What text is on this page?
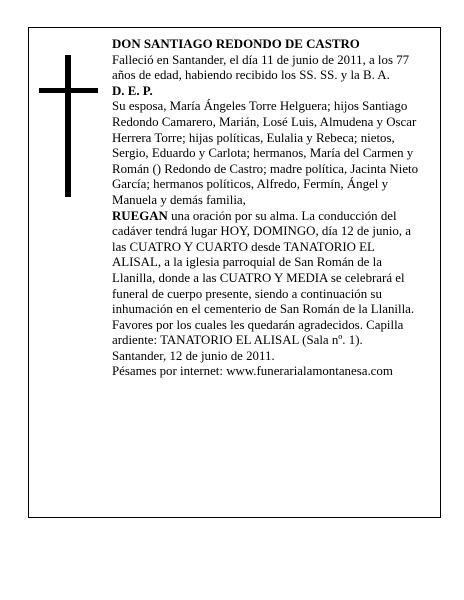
DON SANTIAGO REDONDO DE CASTRO

Falleció en Santander, el día 11 de junio de 2011, a los 77 años de edad, habiendo recibido los SS. SS. y la B. A.

D. E. P.

Su esposa, María Ángeles Torre Helguera; hijos Santiago Redondo Camarero, Marián, Losé Luis, Almudena y Oscar Herrera Torre; hijas políticas, Eulalia y Rebeca; nietos, Sergio, Eduardo y Carlota; hermanos, María del Carmen y Román () Redondo de Castro; madre política, Jacinta Nieto García; hermanos políticos, Alfredo, Fermín, Ángel y Manuela y demás familia,

RUEGAN una oración por su alma. La conducción del cadáver tendrá lugar HOY, DOMINGO, día 12 de junio, a las CUATRO Y CUARTO desde TANATORIO EL ALISAL, a la iglesia parroquial de San Román de la Llanilla, donde a las CUATRO Y MEDIA se celebrará el funeral de cuerpo presente, siendo a continuación su inhumación en el cementerio de San Román de la Llanilla. Favores por los cuales les quedarán agradecidos. Capilla ardiente: TANATORIO EL ALISAL (Sala nº. 1).

Santander, 12 de junio de 2011.

Pésames por internet: www.funerarialamontanesa.com
